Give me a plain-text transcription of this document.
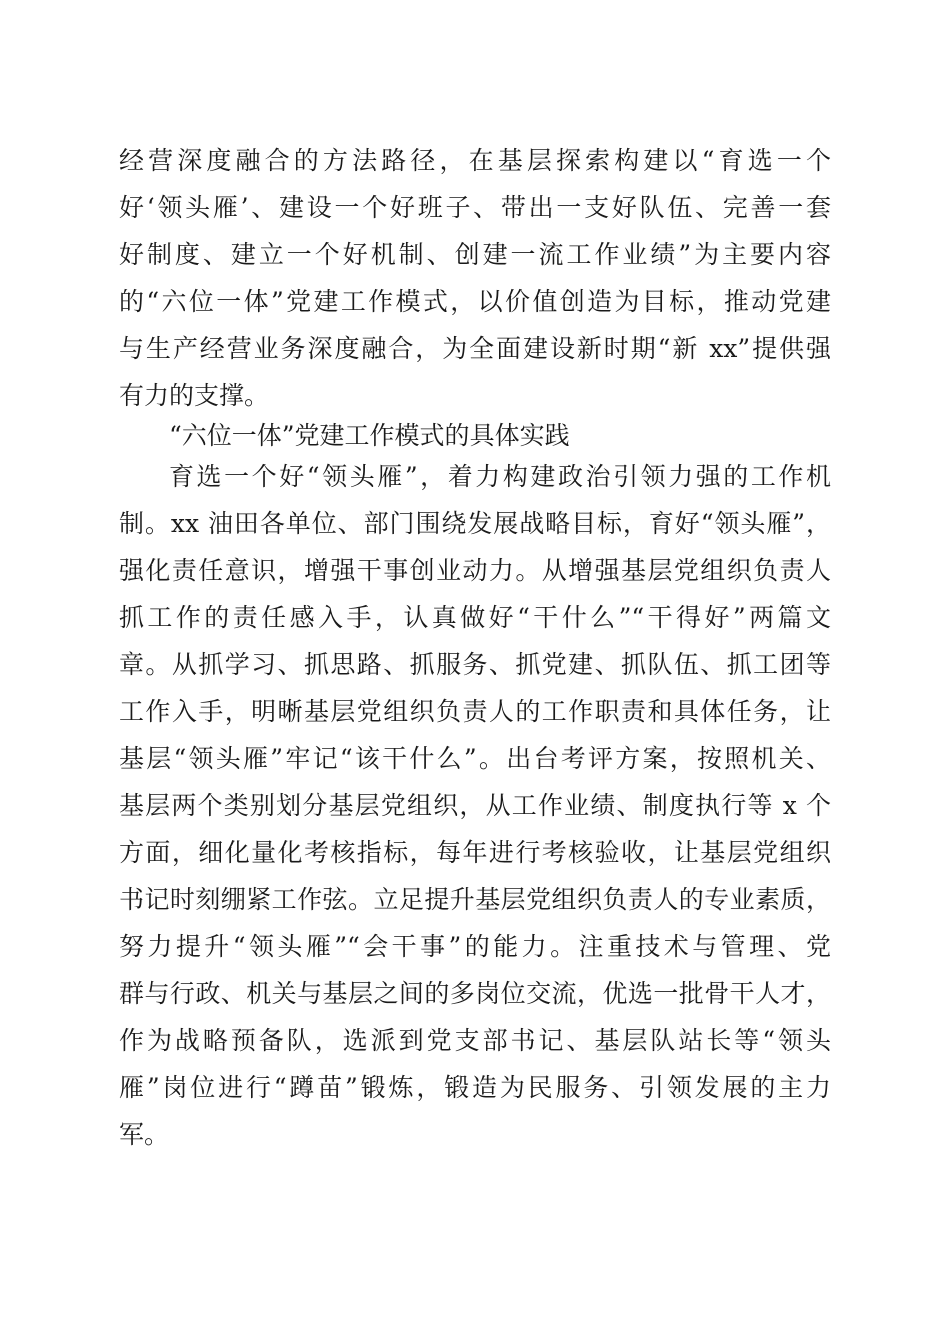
经营深度融合的方法路径，在基层探索构建以“育选一个
好‘领头雁’、建设一个好班子、带出一支好队伍、完善一套
好制度、建立一个好机制、创建一流工作业绩”为主要内容
的“六位一体”党建工作模式，以价值创造为目标，推动党建
与生产经营业务深度融合，为全面建设新时期“新 xx”提供强
有力的支撑。
“六位一体”党建工作模式的具体实践
育选一个好“领头雁”，着力构建政治引领力强的工作机
制。xx 油田各单位、部门围绕发展战略目标，育好“领头雁”，
强化责任意识，增强干事创业动力。从增强基层党组织负责人
抓工作的责任感入手，认真做好“干什么”“干得好”两篇文
章。从抓学习、抓思路、抓服务、抓党建、抓队伍、抓工团等
工作入手，明晰基层党组织负责人的工作职责和具体任务，让
基层“领头雁”牢记“该干什么”。出台考评方案，按照机关、
基层两个类别划分基层党组织，从工作业绩、制度执行等 x 个
方面，细化量化考核指标，每年进行考核验收，让基层党组织
书记时刻绷紧工作弦。立足提升基层党组织负责人的专业素质，
努力提升“领头雁”“会干事”的能力。注重技术与管理、党
群与行政、机关与基层之间的多岗位交流，优选一批骨干人才，
作为战略预备队，选派到党支部书记、基层队站长等“领头
雁”岗位进行“蹲苗”锻炼，锻造为民服务、引领发展的主力
军。
